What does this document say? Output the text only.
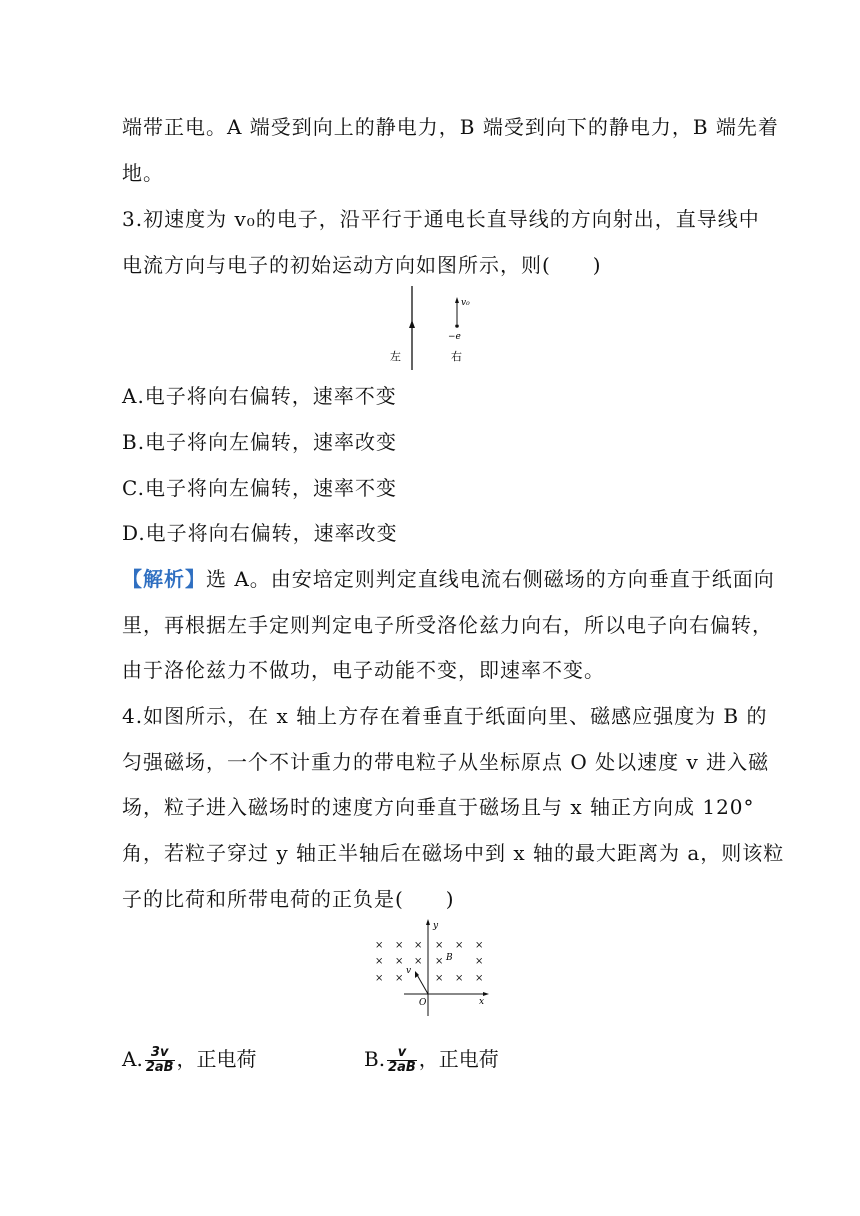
端带正电。A 端受到向上的静电力，B 端受到向下的静电力，B 端先着
地。
3.初速度为 v₀的电子，沿平行于通电长直导线的方向射出，直导线中
电流方向与电子的初始运动方向如图所示，则(　　)
v₀
−e
左	右
A.电子将向右偏转，速率不变
B.电子将向左偏转，速率改变
C.电子将向左偏转，速率不变
D.电子将向右偏转，速率改变
【解析】选 A。由安培定则判定直线电流右侧磁场的方向垂直于纸面向
里，再根据左手定则判定电子所受洛伦兹力向右，所以电子向右偏转，
由于洛伦兹力不做功，电子动能不变，即速率不变。
4.如图所示，在 x 轴上方存在着垂直于纸面向里、磁感应强度为 B 的
匀强磁场，一个不计重力的带电粒子从坐标原点 O 处以速度 v 进入磁
场，粒子进入磁场时的速度方向垂直于磁场且与 x 轴正方向成 120°
角，若粒子穿过 y 轴正半轴后在磁场中到 x 轴的最大距离为 a，则该粒
子的比荷和所带电荷的正负是(　　)
y
x
O
B
v
× × × × × ×
× × × ×	×
× ×	× × ×
A. $\frac{3v}{2aB}$ ，正电荷	B. $\frac{v}{2aB}$ ，正电荷
